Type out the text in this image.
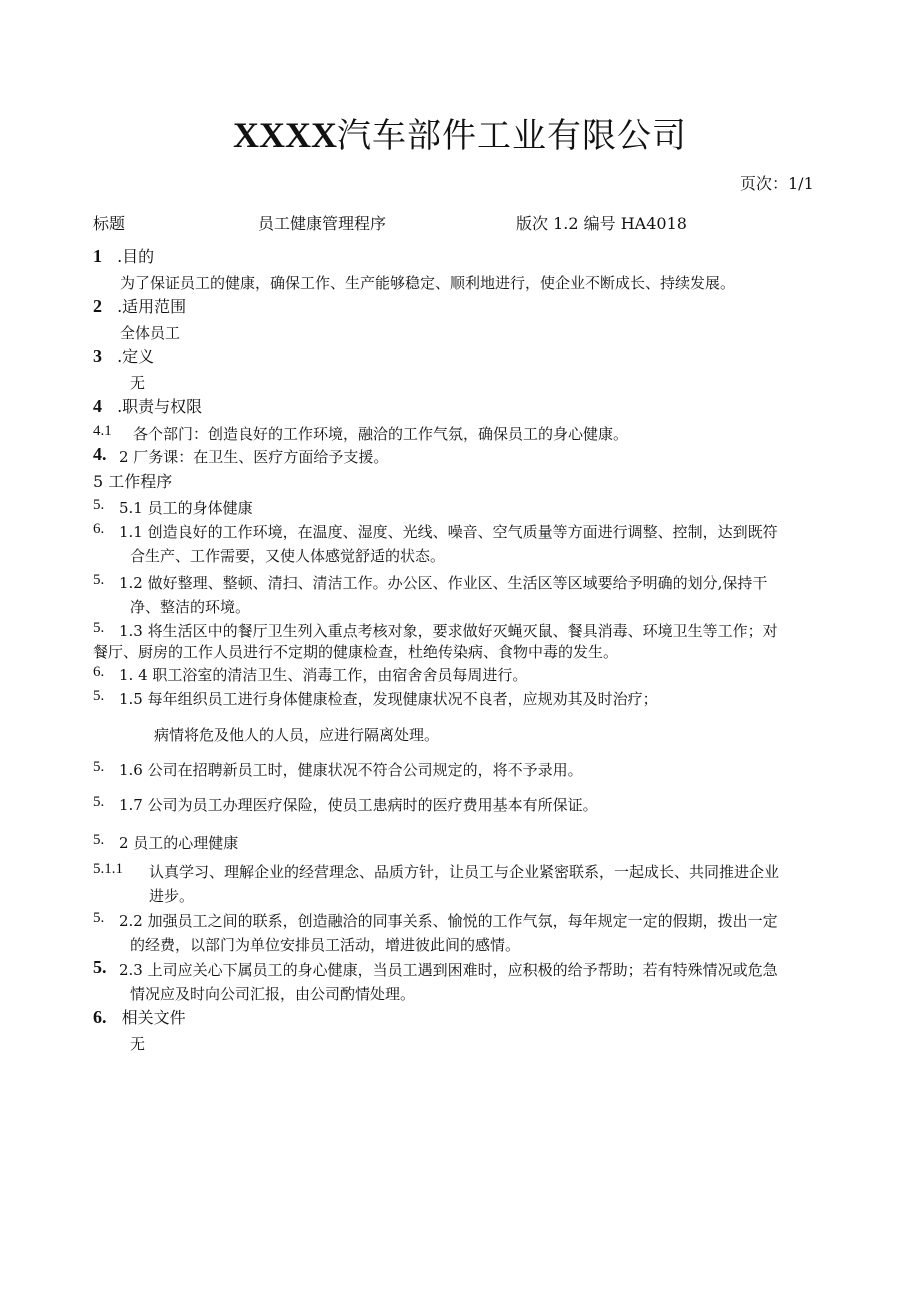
XXXX汽车部件工业有限公司
页次：1/1
标题	员工健康管理程序	版次 1.2 编号 HA4018
1 .目的
为了保证员工的健康，确保工作、生产能够稳定、顺利地进行，使企业不断成长、持续发展。
2 .适用范围
全体员工
3 .定义
无
4 .职责与权限
4.1 各个部门：创造良好的工作环境，融洽的工作气氛，确保员工的身心健康。
4. 2 厂务课：在卫生、医疗方面给予支援。
5 工作程序
5. 5.1 员工的身体健康
6. 1.1 创造良好的工作环境，在温度、湿度、光线、噪音、空气质量等方面进行调整、控制，达到既符
合生产、工作需要，又使人体感觉舒适的状态。
5. 1.2 做好整理、整顿、清扫、清洁工作。办公区、作业区、生活区等区域要给予明确的划分,保持干
净、整洁的环境。
5. 1.3 将生活区中的餐厅卫生列入重点考核对象，要求做好灭蝇灭鼠、餐具消毒、环境卫生等工作；对
餐厅、厨房的工作人员进行不定期的健康检查，杜绝传染病、食物中毒的发生。
6. 1. 4 职工浴室的清洁卫生、消毒工作，由宿舍舍员每周进行。
5. 1.5 每年组织员工进行身体健康检查，发现健康状况不良者，应规劝其及时治疗；
病情将危及他人的人员，应进行隔离处理。
5. 1.6 公司在招聘新员工时，健康状况不符合公司规定的，将不予录用。
5. 1.7 公司为员工办理医疗保险，使员工患病时的医疗费用基本有所保证。
5. 2 员工的心理健康
5.1.1 认真学习、理解企业的经营理念、品质方针，让员工与企业紧密联系，一起成长、共同推进企业
进步。
5. 2.2 加强员工之间的联系，创造融洽的同事关系、愉悦的工作气氛，每年规定一定的假期，拨出一定
的经费，以部门为单位安排员工活动，增进彼此间的感情。
5. 2.3 上司应关心下属员工的身心健康，当员工遇到困难时，应积极的给予帮助；若有特殊情况或危急
情况应及时向公司汇报，由公司酌情处理。
6. 相关文件
无
